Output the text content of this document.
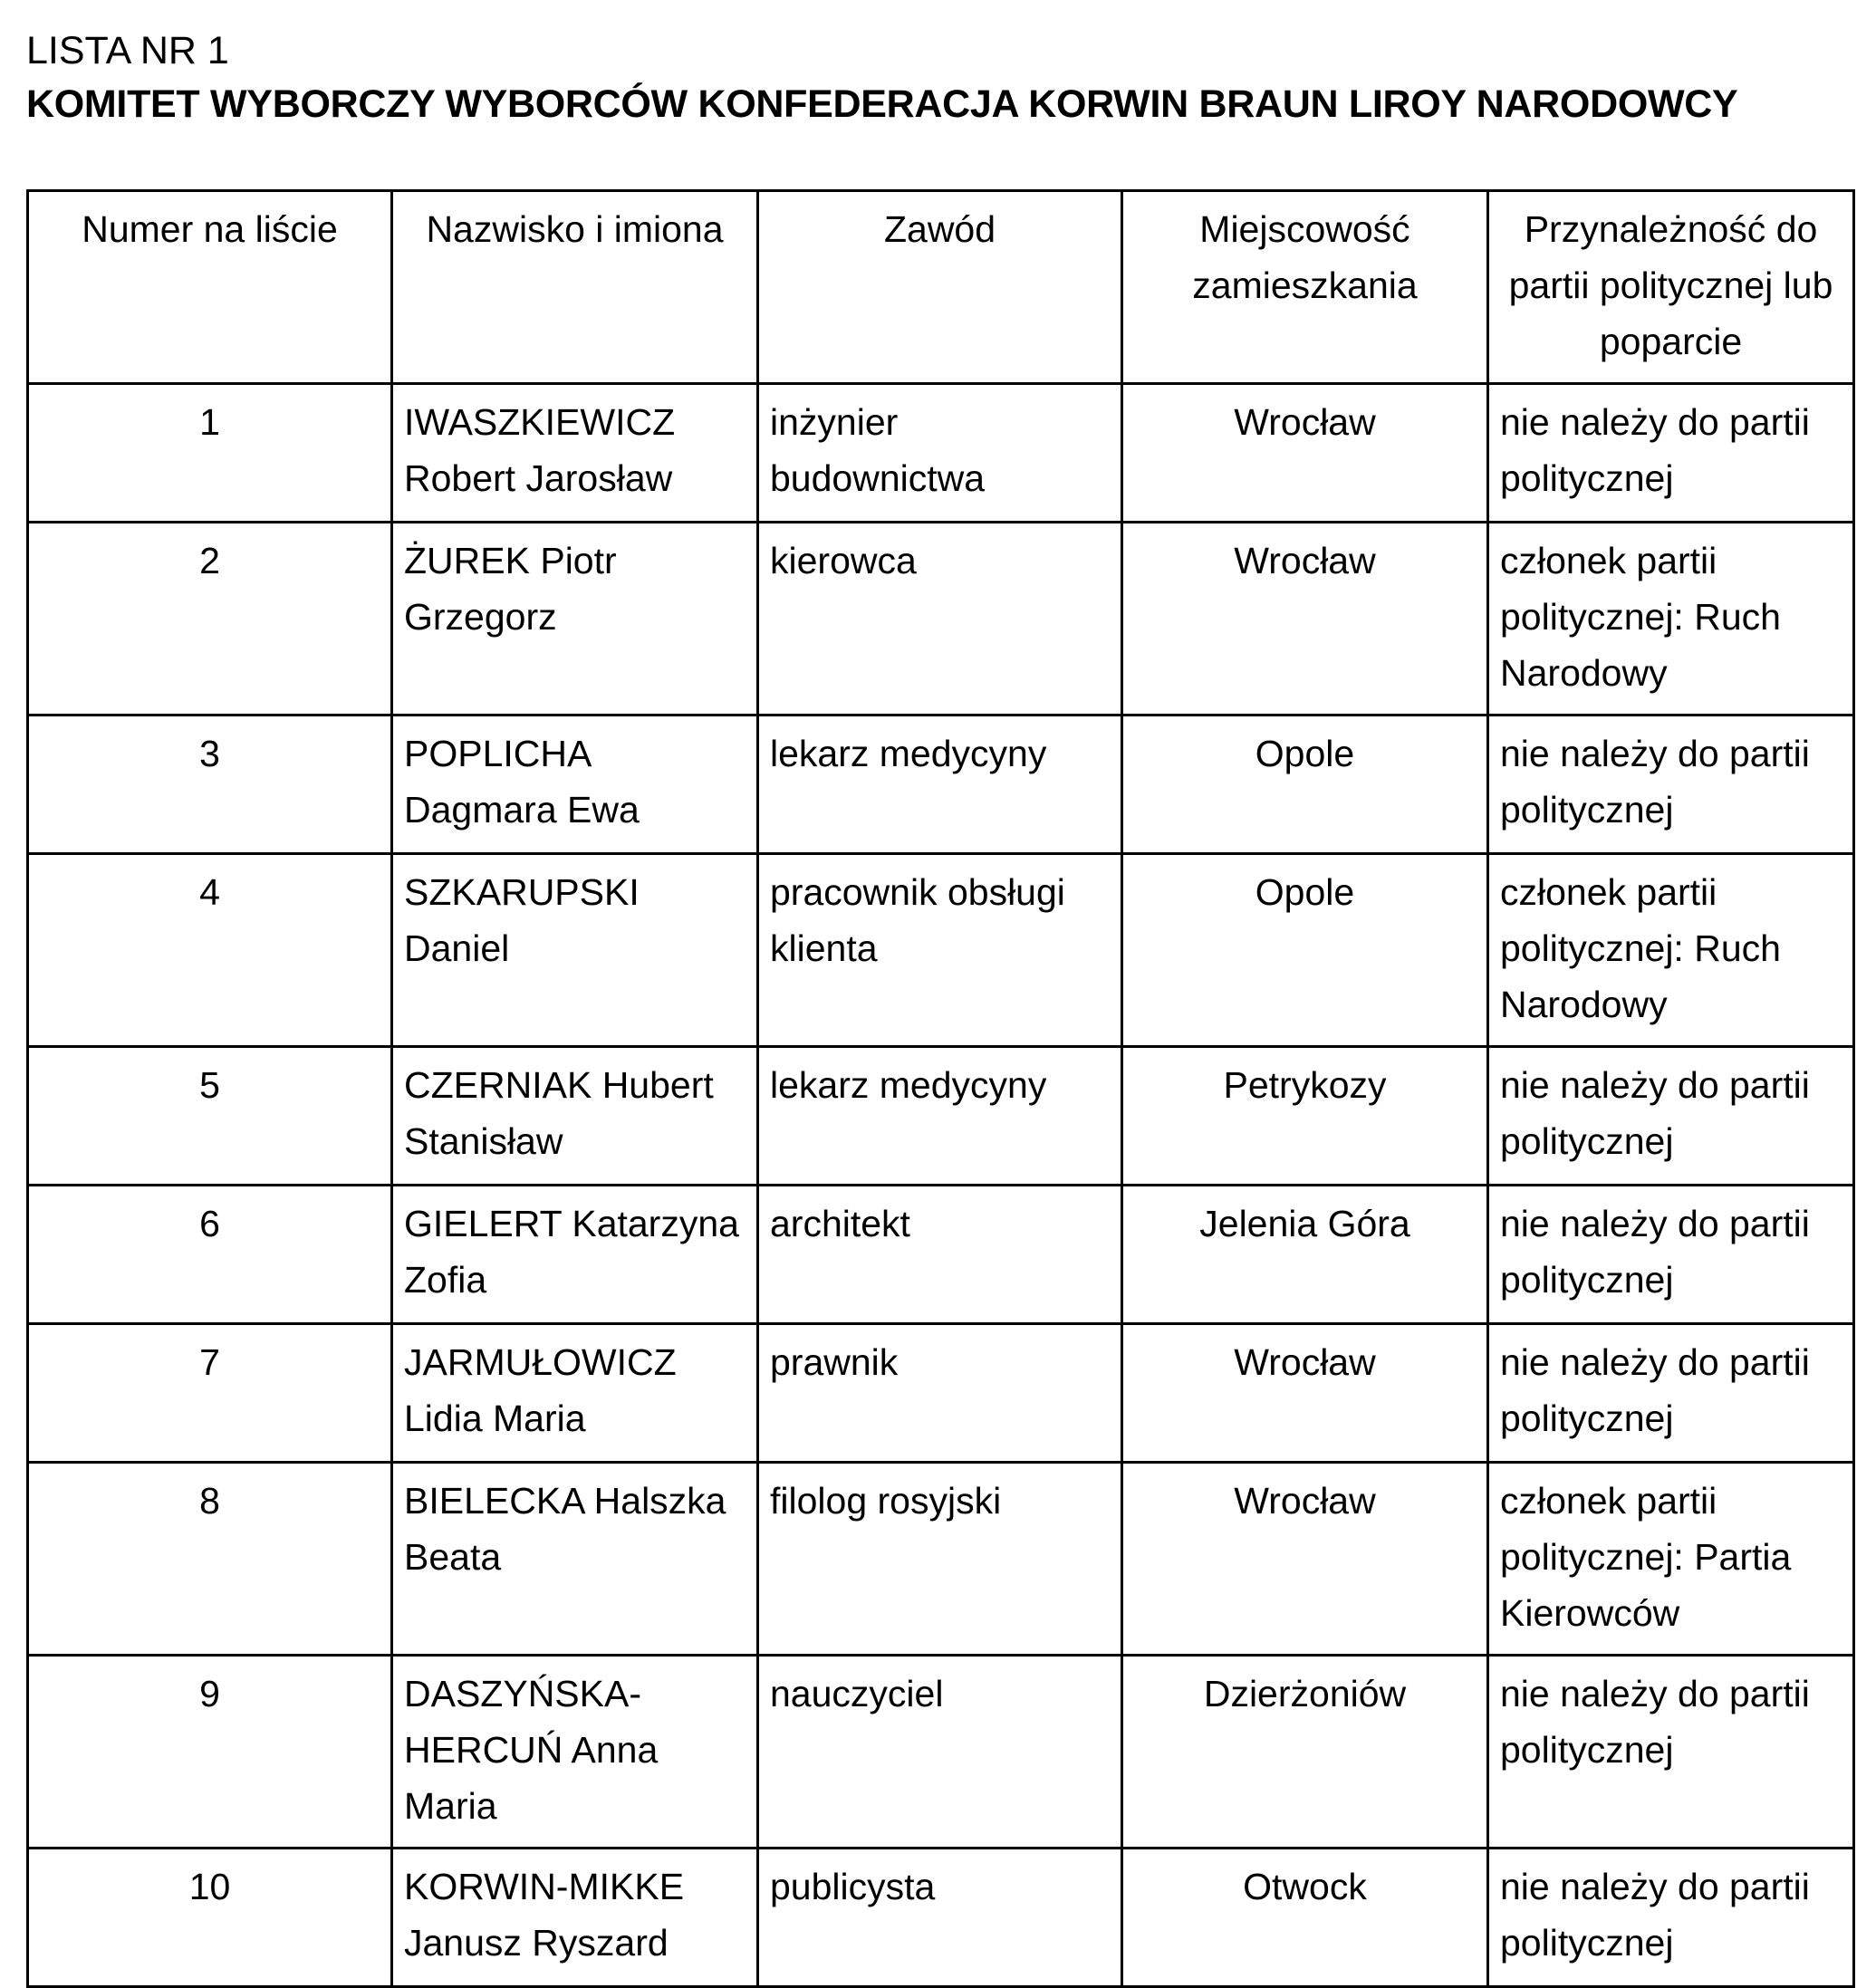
LISTA NR 1
KOMITET WYBORCZY WYBORCÓW KONFEDERACJA KORWIN BRAUN LIROY NARODOWCY
Numer na liście	Nazwisko i imiona	Zawód	Miejscowość zamieszkania	Przynależność do partii politycznej lub poparcie
1	IWASZKIEWICZ Robert Jarosław	inżynier budownictwa	Wrocław	nie należy do partii politycznej
2	ŻUREK Piotr Grzegorz	kierowca	Wrocław	członek partii politycznej: Ruch Narodowy
3	POPLICHA Dagmara Ewa	lekarz medycyny	Opole	nie należy do partii politycznej
4	SZKARUPSKI Daniel	pracownik obsługi klienta	Opole	członek partii politycznej: Ruch Narodowy
5	CZERNIAK Hubert Stanisław	lekarz medycyny	Petrykozy	nie należy do partii politycznej
6	GIELERT Katarzyna Zofia	architekt	Jelenia Góra	nie należy do partii politycznej
7	JARMUŁOWICZ Lidia Maria	prawnik	Wrocław	nie należy do partii politycznej
8	BIELECKA Halszka Beata	filolog rosyjski	Wrocław	członek partii politycznej: Partia Kierowców
9	DASZYŃSKA-HERCUŃ Anna Maria	nauczyciel	Dzierżoniów	nie należy do partii politycznej
10	KORWIN-MIKKE Janusz Ryszard	publicysta	Otwock	nie należy do partii politycznej
